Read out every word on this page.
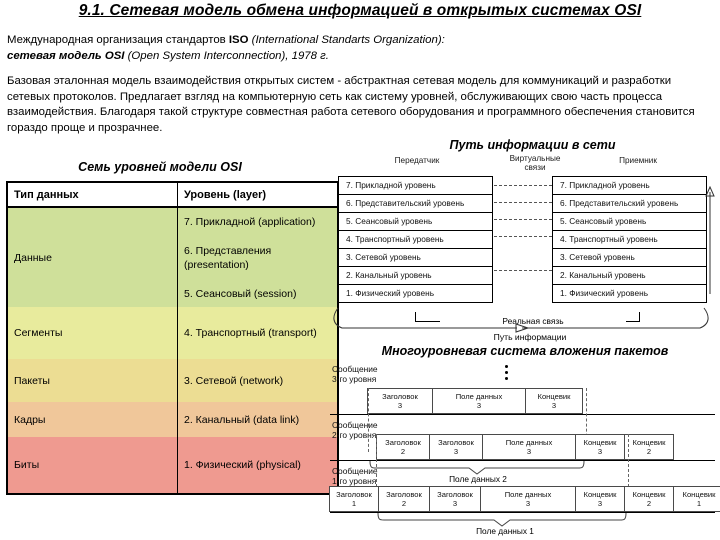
9.1. Сетевая модель обмена информацией в открытых системах OSI
Международная организация стандартов ISO (International Standarts Organization):
сетевая модель OSI (Open System Interconnection), 1978 г.
Базовая эталонная модель взаимодействия открытых систем - абстрактная сетевая модель для коммуникаций и разработки сетевых протоколов. Предлагает взгляд на компьютерную сеть как систему уровней, обслуживающих свою часть процесса взаимодействия. Благодаря такой структуре совместная работа сетевого оборудования и программного обеспечения становится гораздо проще и прозрачнее.
Семь уровней модели OSI
Тип данных	Уровень (layer)
Данные	7. Прикладной (application)
6. Представления (presentation)
5. Сеансовый (session)

Сегменты	4. Транспортный (transport)
Пакеты	3. Сетевой (network)
Кадры	2. Канальный (data link)
Биты	1. Физический (physical)
Путь информации в сети
Передатчик	Виртуальные связи
Приемник
7. Прикладной уровень
6. Представительский уровень
5. Сеансовый уровень
4. Транспортный уровень
3. Сетевой уровень
2. Канальный уровень
1. Физический уровень
7. Прикладной уровень
6. Представительский уровень
5. Сеансовый уровень
4. Транспортный уровень
3. Сетевой уровень
2. Канальный уровень
1. Физический уровень
Реальная связь
Путь информации
Многоуровневая система вложения пакетов
Сообщение
3-го уровня
Сообщение
2-го уровня
Сообщение
1-го уровня
Заголовок
3
Поле данных
3
Концевик
3
Заголовок
2
Заголовок
3
Поле данных
3
Концевик
3
Концевик
2
Поле данных 2
Заголовок
1
Заголовок
2
Заголовок
3
Поле данных
3
Концевик
3
Концевик
2
Концевик
1
Поле данных 1
